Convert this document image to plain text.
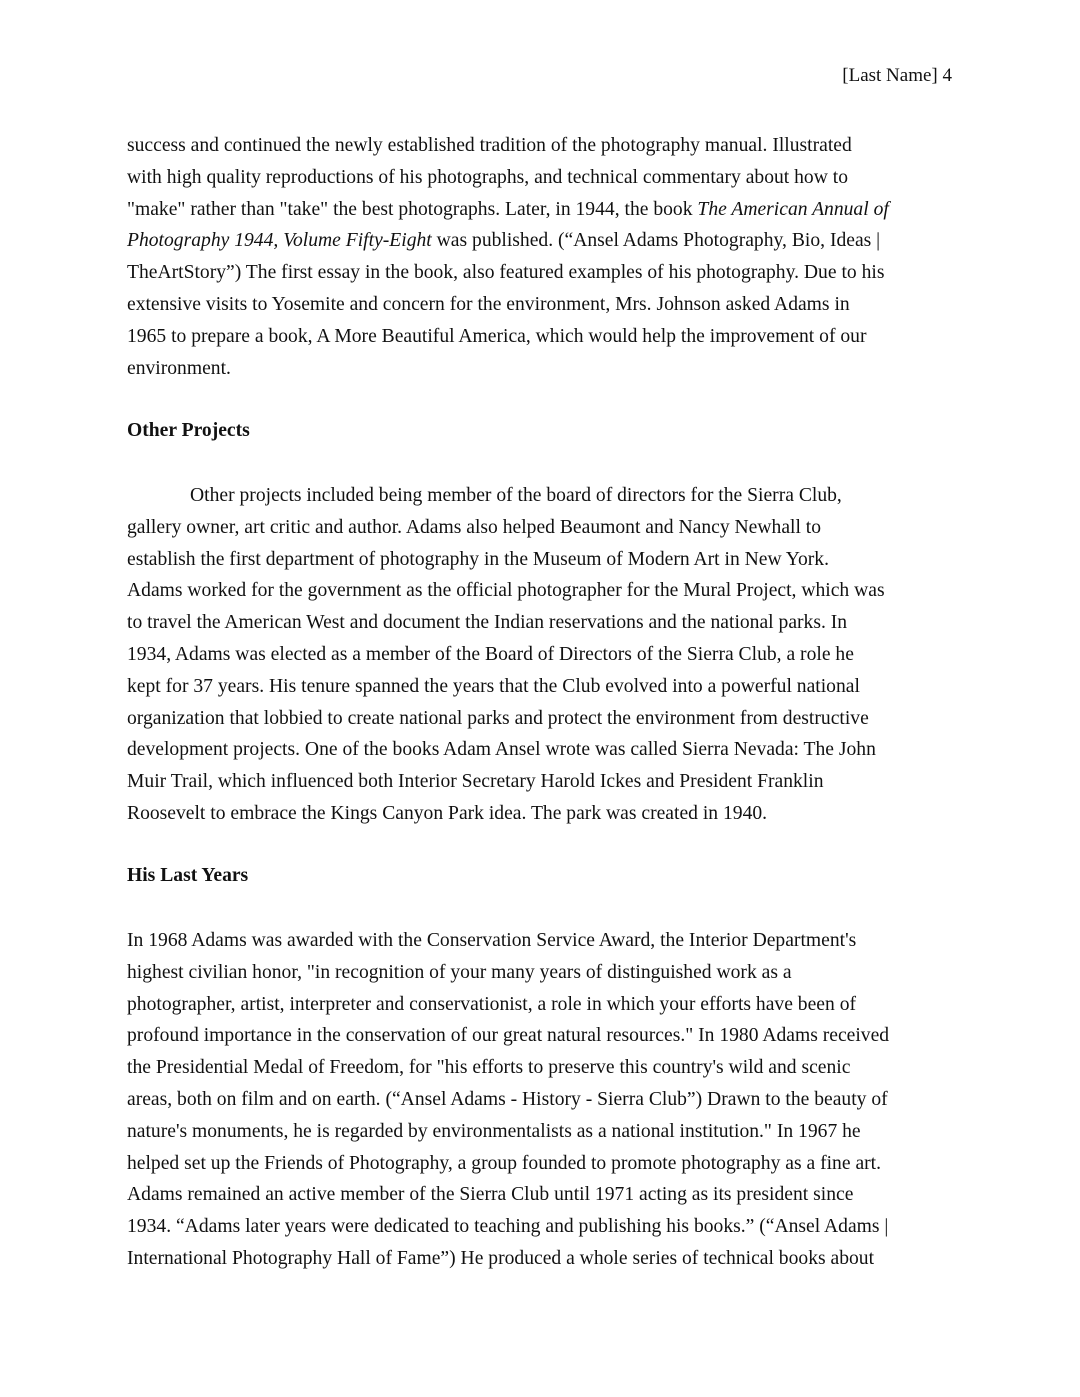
[Last Name] 4
success and continued the newly established tradition of the photography manual. Illustrated
with high quality reproductions of his photographs, and technical commentary about how to
"make" rather than "take" the best photographs. Later, in 1944, the book The American Annual of
Photography 1944, Volume Fifty-Eight was published. (“Ansel Adams Photography, Bio, Ideas |
TheArtStory”) The first essay in the book, also featured examples of his photography. Due to his
extensive visits to Yosemite and concern for the environment, Mrs. Johnson asked Adams in
1965 to prepare a book, A More Beautiful America, which would help the improvement of our
environment.
Other Projects
Other projects included being member of the board of directors for the Sierra Club,
gallery owner, art critic and author. Adams also helped Beaumont and Nancy Newhall to
establish the first department of photography in the Museum of Modern Art in New York.
Adams worked for the government as the official photographer for the Mural Project, which was
to travel the American West and document the Indian reservations and the national parks. In
1934, Adams was elected as a member of the Board of Directors of the Sierra Club, a role he
kept for 37 years. His tenure spanned the years that the Club evolved into a powerful national
organization that lobbied to create national parks and protect the environment from destructive
development projects. One of the books Adam Ansel wrote was called Sierra Nevada: The John
Muir Trail, which influenced both Interior Secretary Harold Ickes and President Franklin
Roosevelt to embrace the Kings Canyon Park idea. The park was created in 1940.
His Last Years
In 1968 Adams was awarded with the Conservation Service Award, the Interior Department's
highest civilian honor, "in recognition of your many years of distinguished work as a
photographer, artist, interpreter and conservationist, a role in which your efforts have been of
profound importance in the conservation of our great natural resources." In 1980 Adams received
the Presidential Medal of Freedom, for "his efforts to preserve this country's wild and scenic
areas, both on film and on earth. (“Ansel Adams - History - Sierra Club”) Drawn to the beauty of
nature's monuments, he is regarded by environmentalists as a national institution." In 1967 he
helped set up the Friends of Photography, a group founded to promote photography as a fine art.
Adams remained an active member of the Sierra Club until 1971 acting as its president since
1934. “Adams later years were dedicated to teaching and publishing his books.” (“Ansel Adams |
International Photography Hall of Fame”) He produced a whole series of technical books about
